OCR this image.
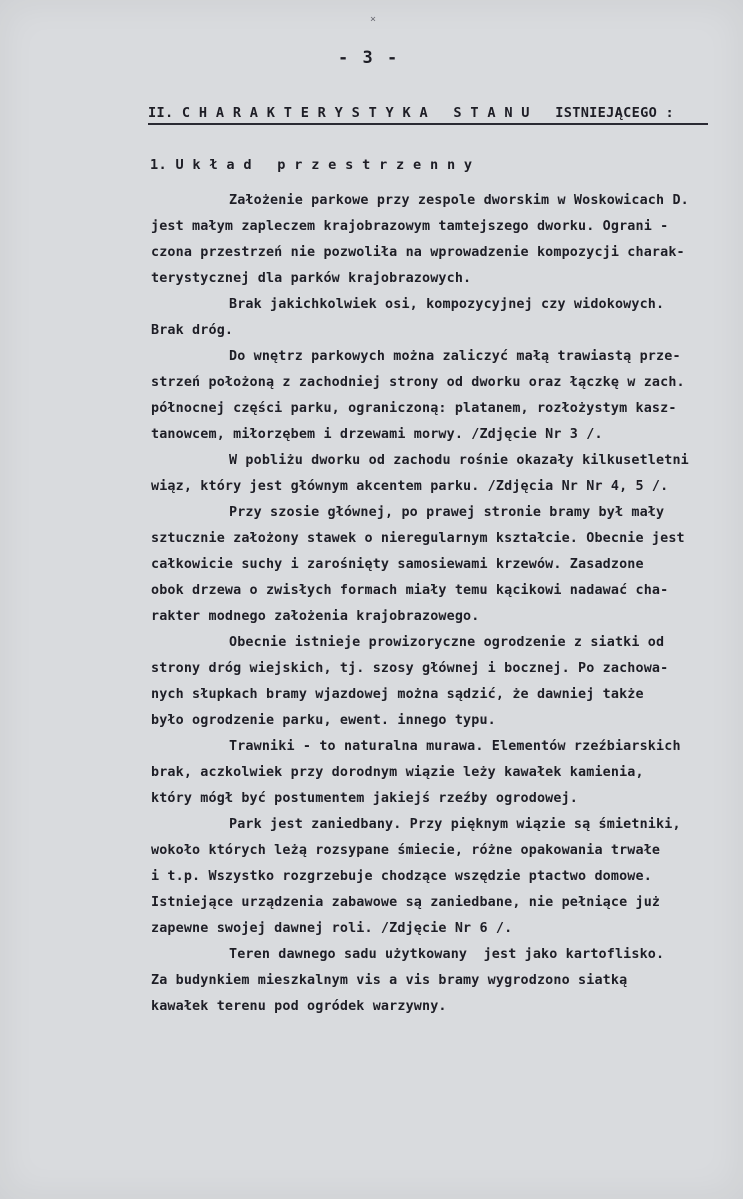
×
- 3 -
II. C H A R A K T E R Y S T Y K A   S T A N U   ISTNIEJĄCEGO :
1. U k ł a d   p r z e s t r z e n n y
Założenie parkowe przy zespole dworskim w Woskowicach D.
jest małym zapleczem krajobrazowym tamtejszego dworku. Ograni -
czona przestrzeń nie pozwoliła na wprowadzenie kompozycji charak-
terystycznej dla parków krajobrazowych.
Brak jakichkolwiek osi, kompozycyjnej czy widokowych.
Brak dróg.
Do wnętrz parkowych można zaliczyć małą trawiastą prze-
strzeń położoną z zachodniej strony od dworku oraz łączkę w zach.
północnej części parku, ograniczoną: platanem, rozłożystym kasz-
tanowcem, miłorzębem i drzewami morwy. /Zdjęcie Nr 3 /.
W pobliżu dworku od zachodu rośnie okazały kilkusetletni
wiąz, który jest głównym akcentem parku. /Zdjęcia Nr Nr 4, 5 /.
Przy szosie głównej, po prawej stronie bramy był mały
sztucznie założony stawek o nieregularnym kształcie. Obecnie jest
całkowicie suchy i zarośnięty samosiewami krzewów. Zasadzone
obok drzewa o zwisłych formach miały temu kącikowi nadawać cha-
rakter modnego założenia krajobrazowego.
Obecnie istnieje prowizoryczne ogrodzenie z siatki od
strony dróg wiejskich, tj. szosy głównej i bocznej. Po zachowa-
nych słupkach bramy wjazdowej można sądzić, że dawniej także
było ogrodzenie parku, ewent. innego typu.
Trawniki - to naturalna murawa. Elementów rzeźbiarskich
brak, aczkolwiek przy dorodnym wiązie leży kawałek kamienia,
który mógł być postumentem jakiejś rzeźby ogrodowej.
Park jest zaniedbany. Przy pięknym wiązie są śmietniki,
wokoło których leżą rozsypane śmiecie, różne opakowania trwałe
i t.p. Wszystko rozgrzebuje chodzące wszędzie ptactwo domowe.
Istniejące urządzenia zabawowe są zaniedbane, nie pełniące już
zapewne swojej dawnej roli. /Zdjęcie Nr 6 /.
Teren dawnego sadu użytkowany  jest jako kartoflisko.
Za budynkiem mieszkalnym vis a vis bramy wygrodzono siatką
kawałek terenu pod ogródek warzywny.
